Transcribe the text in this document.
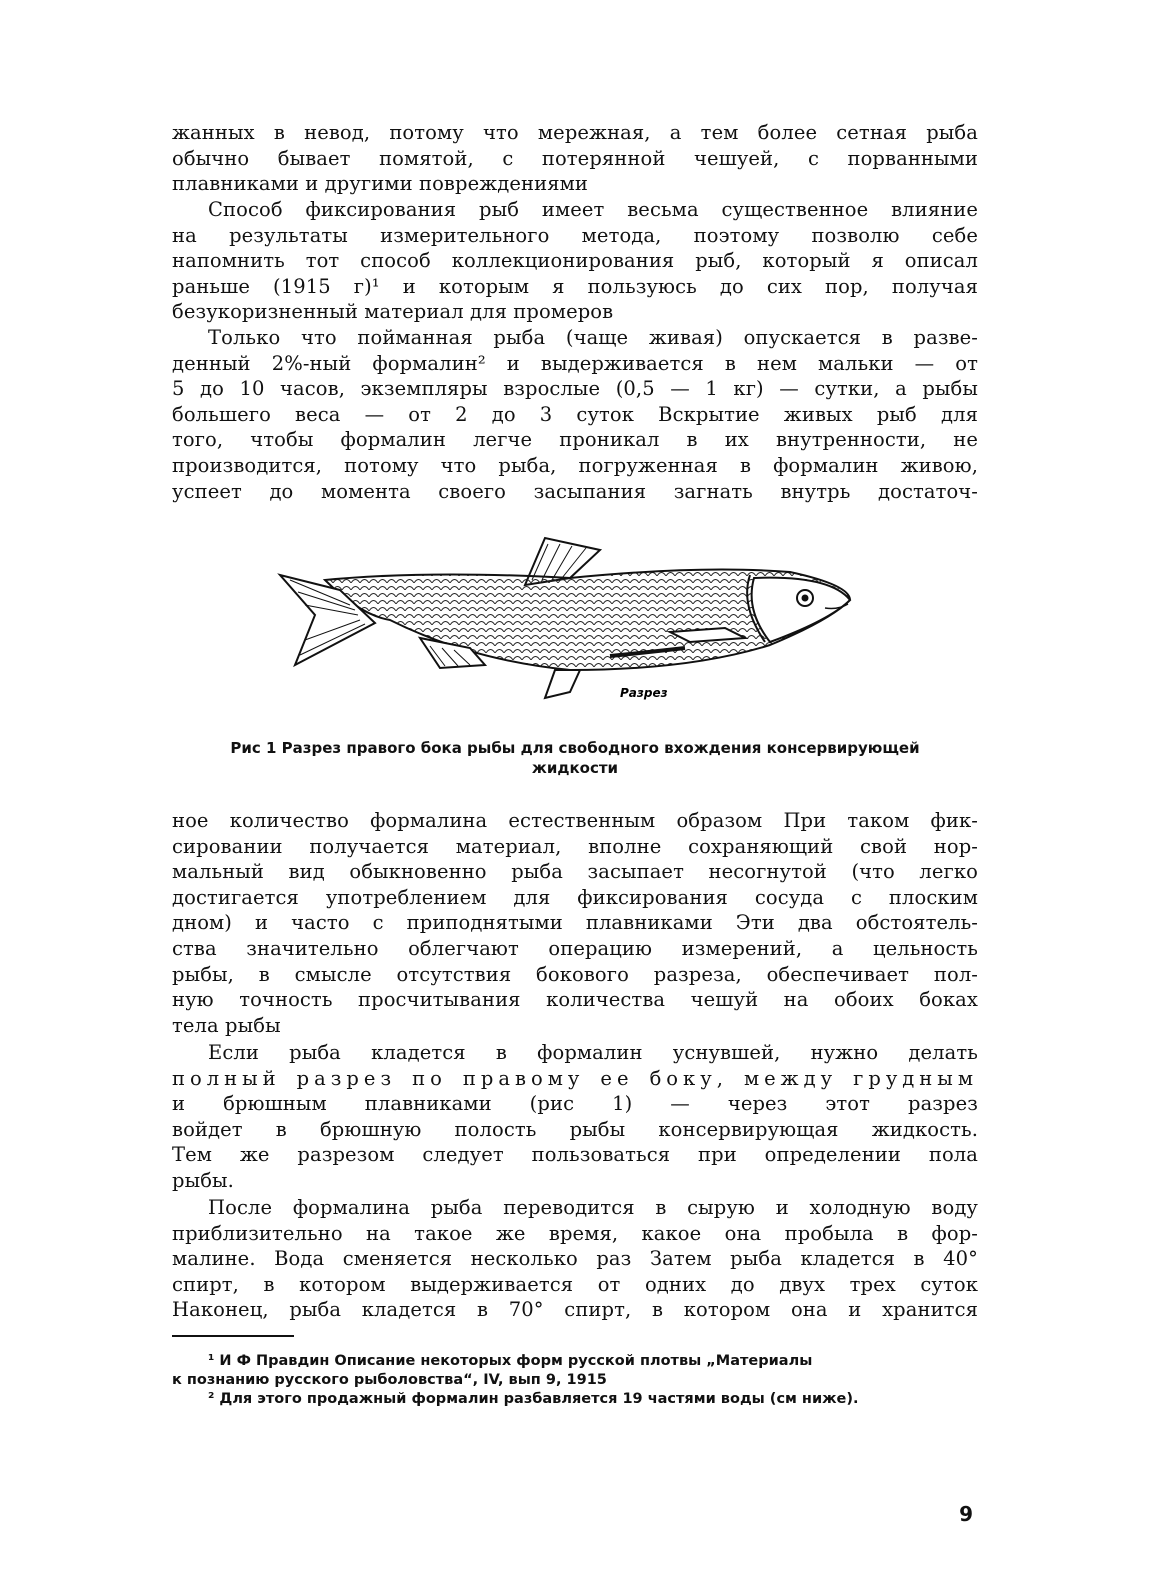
жанных в невод, потому что мережная, а тем более сетная рыба
обычно бывает помятой, с потерянной чешуей, с порванными
плавниками и другими повреждениями
Способ фиксирования рыб имеет весьма существенное влияние
на результаты измерительного метода, поэтому позволю себе
напомнить тот способ коллекционирования рыб, который я описал
раньше (1915 г)¹ и которым я пользуюсь до сих пор, получая
безукоризненный материал для промеров
Только что пойманная рыба (чаще живая) опускается в разве-
денный 2%-ный формалин² и выдерживается в нем мальки — от
5 до 10 часов, экземпляры взрослые (0,5 — 1 кг) — сутки, а рыбы
большего веса — от 2 до 3 суток Вскрытие живых рыб для
того, чтобы формалин легче проникал в их внутренности, не
производится, потому что рыба, погруженная в формалин живою,
успеет до момента своего засыпания загнать внутрь достаточ-
Разрез
Рис 1 Разрез правого бока рыбы для свободного вхождения консервирующей
жидкости
ное количество формалина естественным образом При таком фик-
сировании получается материал, вполне сохраняющий свой нор-
мальный вид обыкновенно рыба засыпает несогнутой (что легко
достигается употреблением для фиксирования сосуда с плоским
дном) и часто с приподнятыми плавниками Эти два обстоятель-
ства значительно облегчают операцию измерений, а цельность
рыбы, в смысле отсутствия бокового разреза, обеспечивает пол-
ную точность просчитывания количества чешуй на обоих боках
тела рыбы
Если рыба кладется в формалин уснувшей, нужно делать
полный разрез по правому ее боку, между грудным
и брюшным плавниками (рис 1) — через этот разрез
войдет в брюшную полость рыбы консервирующая жидкость.
Тем же разрезом следует пользоваться при определении пола
рыбы.
После формалина рыба переводится в сырую и холодную воду
приблизительно на такое же время, какое она пробыла в фор-
малине. Вода сменяется несколько раз Затем рыба кладется в 40°
спирт, в котором выдерживается от одних до двух трех суток
Наконец, рыба кладется в 70° спирт, в котором она и хранится
¹ И Ф Правдин Описание некоторых форм русской плотвы „Материалы
к познанию русского рыболовства“, IV, вып 9, 1915
² Для этого продажный формалин разбавляется 19 частями воды (см ниже).
9
